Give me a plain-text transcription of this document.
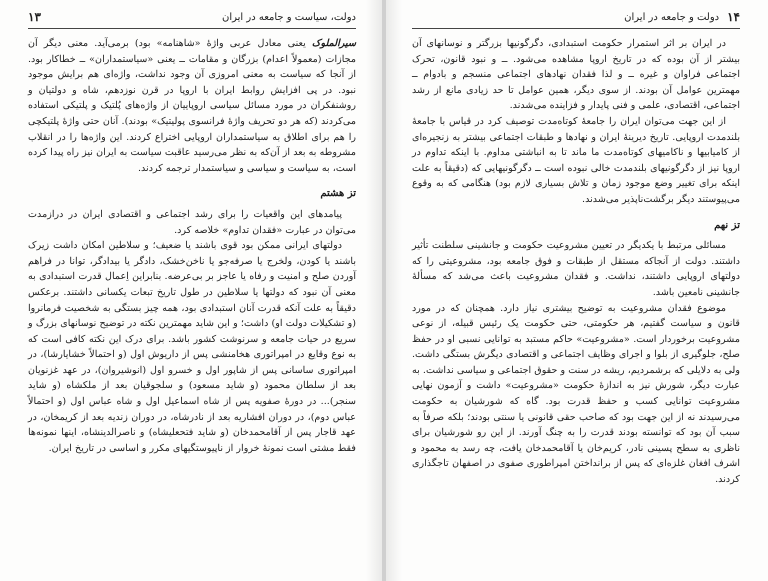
دولت، سیاست و جامعه در ایران
۱۳

سیرالملوک یعنی معادل عربی واژهٔ «شاهنامه» بود) برمی‌آید. معنی دیگر آن مجازات (معمولاً اعدام) بزرگان و مقامات ــ یعنی «سیاستمداران» ــ خطاکار بود. از آنجا که سیاست به معنی امروزی آن وجود نداشت، واژه‌ای هم برایش موجود نبود. در پی افزایش روابط ایران با اروپا در قرن نوزدهم، شاه و دولتیان و روشنفکران در مورد مسائل سیاسی اروپاییان از واژه‌های پُلتیک و پلتیکی استفاده می‌کردند (که هر دو تحریف واژهٔ فرانسوی پولیتیک» بودند). آنان حتی واژهٔ پلتیکچی را هم برای اطلاق به سیاستمداران اروپایی اختراع کردند. این واژه‌ها را در انقلاب مشروطه به بعد از آن‌که به نظر می‌رسید عاقبت سیاست به ایران نیز راه پیدا کرده است، به سیاست و سیاسی و سیاستمدار ترجمه کردند.

تز هشتم

پیامدهای این واقعیات را برای رشد اجتماعی و اقتصادی ایران در درازمدت می‌توان در عبارت «فقدان تداوم» خلاصه کرد.

دولتهای ایرانی ممکن بود قوی باشند یا ضعیف؛ و سلاطین امکان داشت زیرک باشند یا کودن، ولخرج یا صرفه‌جو یا ناخن‌خشک، دادگر یا بیدادگر، توانا در فراهم آوردن صلح و امنیت و رفاه یا عاجز بر بی‌عرضه. بنابراین اِعمال قدرت استبدادی به معنی آن نبود که دولتها یا سلاطین در طول تاریخ تبعات یکسانی داشتند. برعکس دقیقاً به علت آنکه قدرت آنان استبدادی بود، همه چیز بستگی به شخصیت فرمانروا (و تشکیلات دولت او) داشت؛ و این شاید مهمترین نکته در توضیح نوسانهای بزرگ و سریع در حیات جامعه و سرنوشت کشور باشد. برای درک این نکته کافی است که به نوع وقایع در امپراتوری هخامنشی پس از داریوش اول (و احتمالاً خشایارشا)، در امپراتوری ساسانی پس از شاپور اول و خسرو اول (انوشیروان)، در عهد غزنویان بعد از سلطان محمود (و شاید مسعود) و سلجوقیان بعد از ملکشاه (و شاید سنجر)... در دورهٔ صفویه پس از شاه اسماعیل اول و شاه عباس اول (و احتمالاً عباس دوم)، در دوران افشاریه بعد از نادرشاه، در دوران زندیه بعد از کریمخان، در عهد قاجار پس از آقامحمدخان (و شاید فتحعلیشاه) و ناصرالدینشاه، اینها نمونه‌ها فقط مشتی است نمونهٔ خروار از ناپیوستگیهای مکرر و اساسی در تاریخ ایران.

۱۴
دولت و جامعه در ایران

در ایران بر اثر استمرار حکومت استبدادی، دگرگونیها بزرگتر و نوسانهای آن بیشتر از آن بوده که در تاریخ اروپا مشاهده می‌شود. ــ و نبود قانون، تحرک اجتماعی فراوان و غیره ــ و لذا فقدان نهادهای اجتماعی منسجم و بادوام ــ مهمترین عوامل آن بودند. از سوی دیگر، همین عوامل تا حد زیادی مانع از رشد اجتماعی، اقتصادی، علمی و فنی پایدار و فزاینده می‌شدند.

از این جهت می‌توان ایران را جامعهٔ کوتاه‌مدت توصیف کرد در قیاس با جامعهٔ بلندمدت اروپایی. تاریخ دیرینهٔ ایران و نهادها و طبقات اجتماعی بیشتر به زنجیره‌ای از کامیابیها و ناکامیهای کوتاه‌مدت ما ماند تا به انباشتی مداوم. با اینکه تداوم در اروپا نیز از دگرگونیهای بلندمدت خالی نبوده است ــ دگرگونیهایی که (دقیقاً به علت اینکه برای تغییر وضع موجود زمان و تلاش بسیاری لازم بود) هنگامی که به وقوع می‌پیوستند دیگر برگشت‌ناپذیر می‌شدند.

تز نهم

مسائلی مرتبط با یکدیگر در تعیین مشروعیت حکومت و جانشینی سلطنت تأثیر داشتند. دولت از آنجاکه مستقل از طبقات و فوق جامعه بود، مشروعیتی را که دولتهای اروپایی داشتند، نداشت. و فقدان مشروعیت باعث می‌شد که مسألهٔ جانشینی نامعین باشد.

موضوع فقدان مشروعیت به توضیح بیشتری نیاز دارد. همچنان که در مورد قانون و سیاست گفتیم، هر حکومتی، حتی حکومت یک رئیس قبیله، از نوعی مشروعیت برخوردار است. «مشروعیت» حاکم مستبد به توانایی نسبی او در حفظ صلح، جلوگیری از بلوا و اجرای وظایف اجتماعی و اقتصادی دیگرش بستگی داشت. ولی به دلایلی که برشمردیم، ریشه در سنت و حقوق اجتماعی و سیاسی نداشت. به عبارت دیگر، شورش نیز به اندازهٔ حکومت «مشروعیت» داشت و آزمون نهایی مشروعیت توانایی کسب و حفظ قدرت بود. گاه که شورشیان به حکومت می‌رسیدند نه از این جهت بود که صاحب حقی قانونی یا سنتی بودند؛ بلکه صرفاً به سبب آن بود که توانسته بودند قدرت را به چنگ آورند. از این رو شورشیان برای ناظری به سطح پسینی نادر، کریم‌خان یا آقامحمدخان یافت، چه رسد به محمود و اشرف افغان غلزه‌ای که پس از برانداختن امپراطوری صفوی در اصفهان تاجگذاری کردند.
